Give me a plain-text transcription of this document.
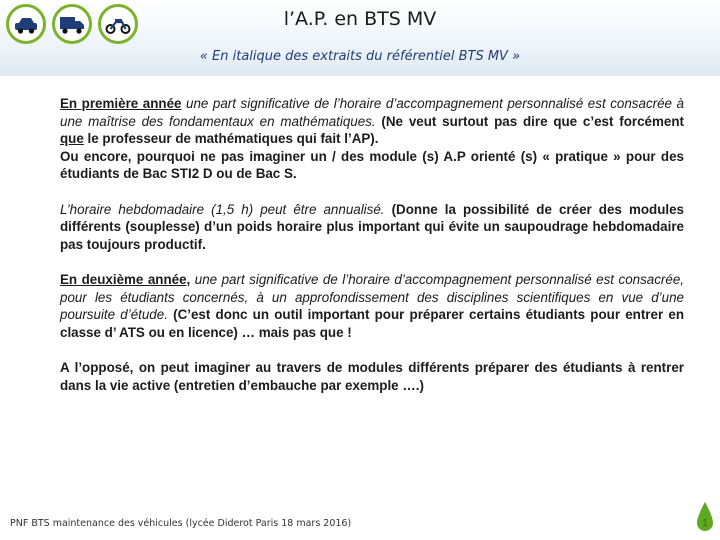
l’A.P. en BTS MV
« En italique des extraits du référentiel BTS MV »

En première année une part significative de l’horaire d’accompagnement personnalisé est consacrée à une maîtrise des fondamentaux en mathématiques. (Ne veut surtout pas dire que c’est forcément que le professeur de mathématiques qui fait l’AP).
Ou encore, pourquoi ne pas imaginer un / des module (s) A.P orienté (s) « pratique » pour des étudiants de Bac STI2 D ou de Bac S.

L’horaire hebdomadaire (1,5 h) peut être annualisé. (Donne la possibilité de créer des modules différents (souplesse) d’un poids horaire plus important qui évite un saupoudrage hebdomadaire pas toujours productif.

En deuxième année, une part significative de l’horaire d’accompagnement personnalisé est consacrée, pour les étudiants concernés, à un approfondissement des disciplines scientifiques en vue d’une poursuite d’étude. (C’est donc un outil important pour préparer certains étudiants pour entrer en classe d’ ATS ou en licence) … mais pas que !

A l’opposé, on peut imaginer au travers de modules différents préparer des étudiants à rentrer dans la vie active (entretien d’embauche par exemple ….)

PNF BTS maintenance des véhicules (lycée Diderot Paris 18 mars 2016)	1
